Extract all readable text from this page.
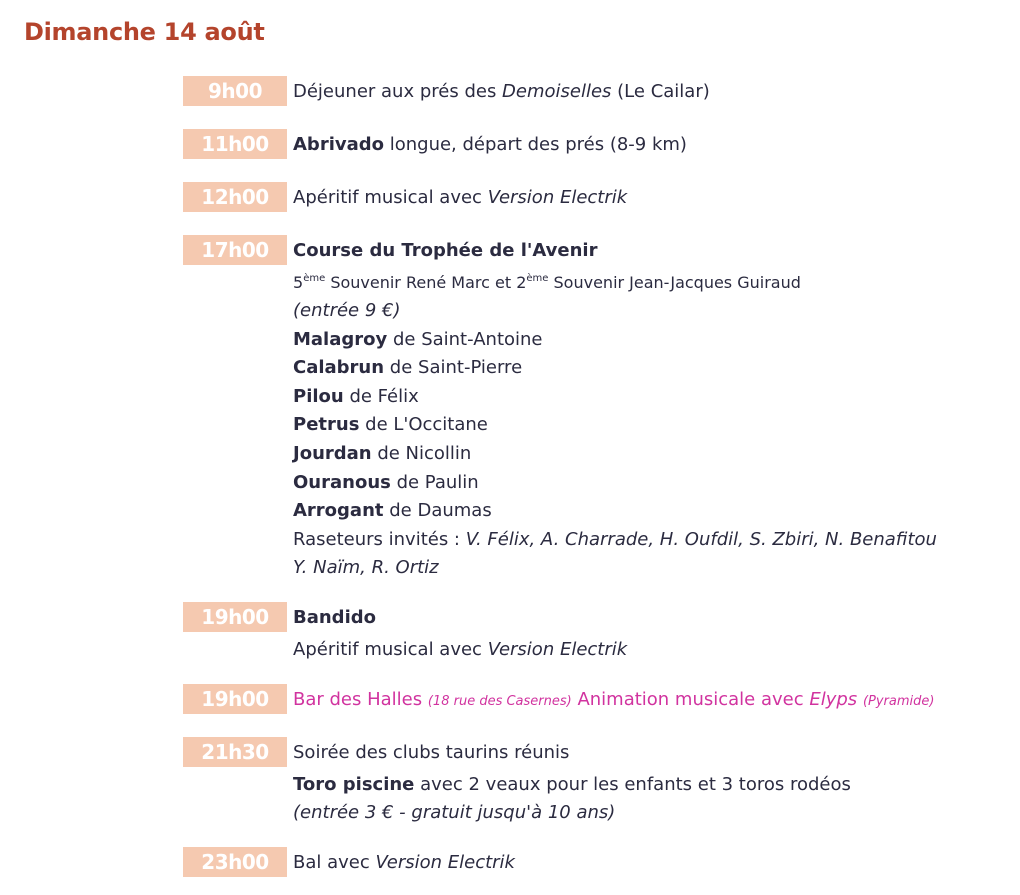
Dimanche 14 août
9h00	Déjeuner aux prés des Demoiselles (Le Cailar)
11h00	Abrivado longue, départ des prés (8-9 km)
12h00	Apéritif musical avec Version Electrik
17h00	Course du Trophée de l'Avenir
5ème Souvenir René Marc et 2ème Souvenir Jean-Jacques Guiraud
(entrée 9 €)
Malagroy de Saint-Antoine
Calabrun de Saint-Pierre
Pilou de Félix
Petrus de L'Occitane
Jourdan de Nicollin
Ouranous de Paulin
Arrogant de Daumas
Raseteurs invités : V. Félix, A. Charrade, H. Oufdil, S. Zbiri, N. Benafitou
Y. Naïm, R. Ortiz
19h00	Bandido
Apéritif musical avec Version Electrik
19h00	Bar des Halles (18 rue des Casernes) Animation musicale avec Elyps (Pyramide)
21h30	Soirée des clubs taurins réunis
Toro piscine avec 2 veaux pour les enfants et 3 toros rodéos
(entrée 3 € - gratuit jusqu'à 10 ans)
23h00	Bal avec Version Electrik
